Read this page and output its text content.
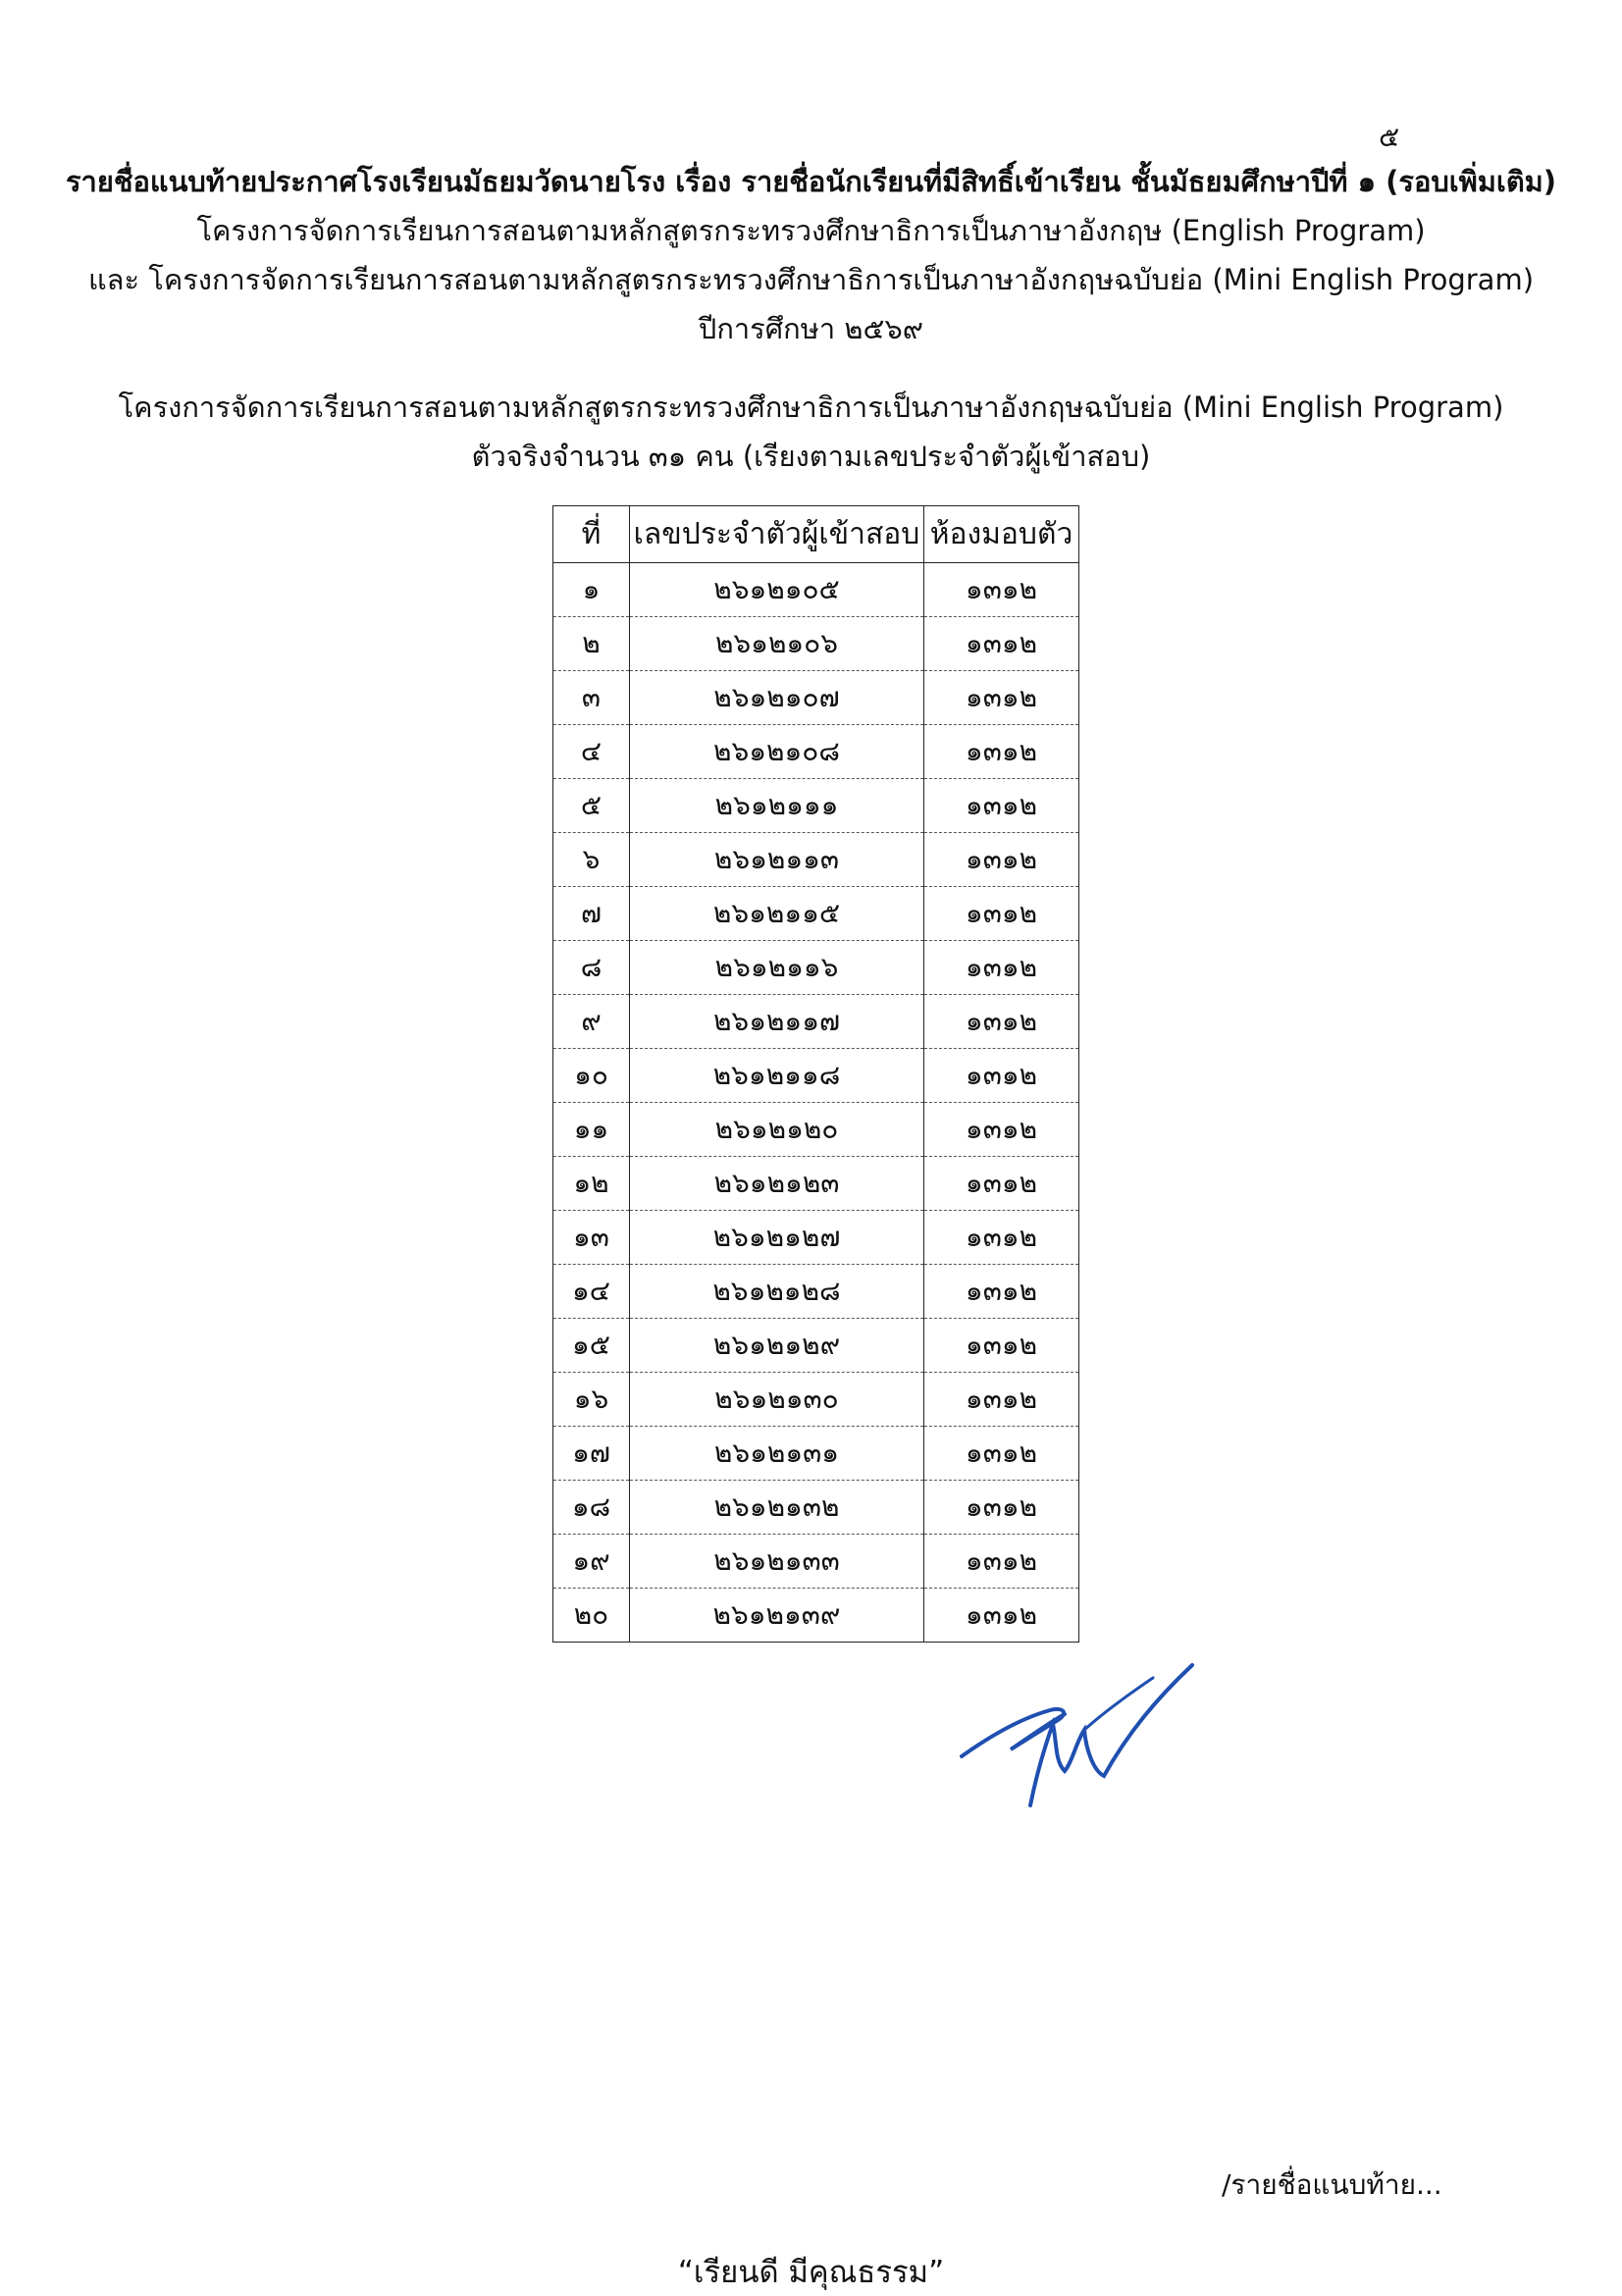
๕
รายชื่อแนบท้ายประกาศโรงเรียนมัธยมวัดนายโรง เรื่อง รายชื่อนักเรียนที่มีสิทธิ์เข้าเรียน ชั้นมัธยมศึกษาปีที่ ๑ (รอบเพิ่มเติม)
โครงการจัดการเรียนการสอนตามหลักสูตรกระทรวงศึกษาธิการเป็นภาษาอังกฤษ (English Program)
และ โครงการจัดการเรียนการสอนตามหลักสูตรกระทรวงศึกษาธิการเป็นภาษาอังกฤษฉบับย่อ (Mini English Program)
ปีการศึกษา ๒๕๖๙
โครงการจัดการเรียนการสอนตามหลักสูตรกระทรวงศึกษาธิการเป็นภาษาอังกฤษฉบับย่อ (Mini English Program)
ตัวจริงจำนวน ๓๑ คน (เรียงตามเลขประจำตัวผู้เข้าสอบ)
ที่	เลขประจำตัวผู้เข้าสอบ	ห้องมอบตัว
๑	๒๖๑๒๑๐๕	๑๓๑๒
๒	๒๖๑๒๑๐๖	๑๓๑๒
๓	๒๖๑๒๑๐๗	๑๓๑๒
๔	๒๖๑๒๑๐๘	๑๓๑๒
๕	๒๖๑๒๑๑๑	๑๓๑๒
๖	๒๖๑๒๑๑๓	๑๓๑๒
๗	๒๖๑๒๑๑๕	๑๓๑๒
๘	๒๖๑๒๑๑๖	๑๓๑๒
๙	๒๖๑๒๑๑๗	๑๓๑๒
๑๐	๒๖๑๒๑๑๘	๑๓๑๒
๑๑	๒๖๑๒๑๒๐	๑๓๑๒
๑๒	๒๖๑๒๑๒๓	๑๓๑๒
๑๓	๒๖๑๒๑๒๗	๑๓๑๒
๑๔	๒๖๑๒๑๒๘	๑๓๑๒
๑๕	๒๖๑๒๑๒๙	๑๓๑๒
๑๖	๒๖๑๒๑๓๐	๑๓๑๒
๑๗	๒๖๑๒๑๓๑	๑๓๑๒
๑๘	๒๖๑๒๑๓๒	๑๓๑๒
๑๙	๒๖๑๒๑๓๓	๑๓๑๒
๒๐	๒๖๑๒๑๓๙	๑๓๑๒
/รายชื่อแนบท้าย...
“เรียนดี มีคุณธรรม”
